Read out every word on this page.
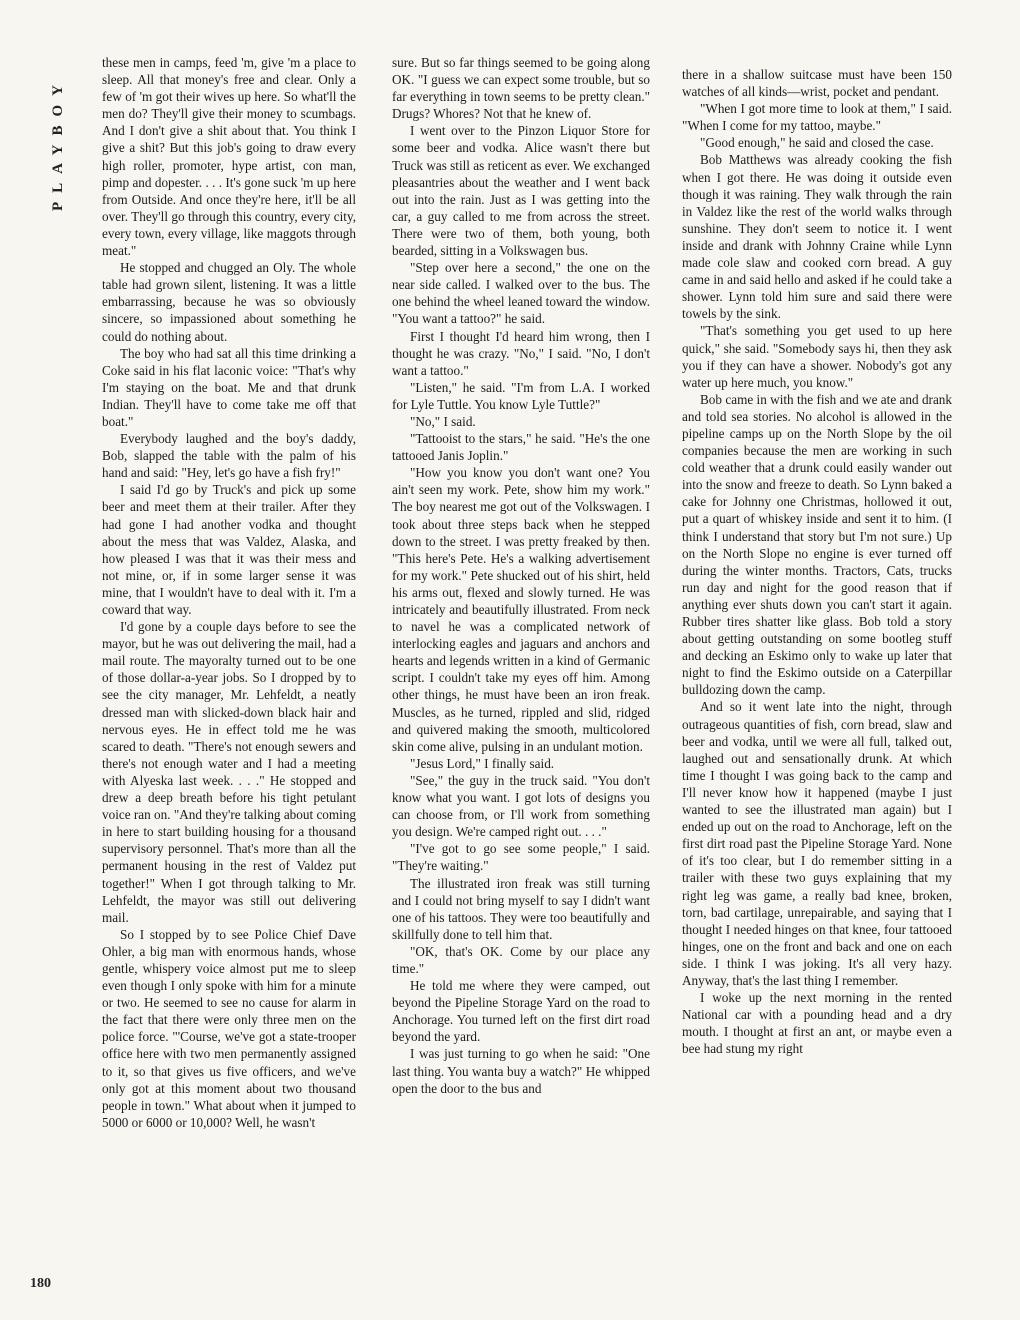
PLAYBOY
180

these men in camps, feed 'm, give 'm a place to sleep. All that money's free and clear. Only a few of 'm got their wives up here. So what'll the men do? They'll give their money to scumbags. And I don't give a shit about that. You think I give a shit? But this job's going to draw every high roller, promoter, hype artist, con man, pimp and dopester. . . . It's gone suck 'm up here from Outside. And once they're here, it'll be all over. They'll go through this country, every city, every town, every village, like maggots through meat."

He stopped and chugged an Oly. The whole table had grown silent, listening. It was a little embarrassing, because he was so obviously sincere, so impassioned about something he could do nothing about.

The boy who had sat all this time drinking a Coke said in his flat laconic voice: "That's why I'm staying on the boat. Me and that drunk Indian. They'll have to come take me off that boat."

Everybody laughed and the boy's daddy, Bob, slapped the table with the palm of his hand and said: "Hey, let's go have a fish fry!"

I said I'd go by Truck's and pick up some beer and meet them at their trailer. After they had gone I had another vodka and thought about the mess that was Valdez, Alaska, and how pleased I was that it was their mess and not mine, or, if in some larger sense it was mine, that I wouldn't have to deal with it. I'm a coward that way.

I'd gone by a couple days before to see the mayor, but he was out delivering the mail, had a mail route. The mayoralty turned out to be one of those dollar-a-year jobs. So I dropped by to see the city manager, Mr. Lehfeldt, a neatly dressed man with slicked-down black hair and nervous eyes. He in effect told me he was scared to death. "There's not enough sewers and there's not enough water and I had a meeting with Alyeska last week. . . ." He stopped and drew a deep breath before his tight petulant voice ran on. "And they're talking about coming in here to start building housing for a thousand supervisory personnel. That's more than all the permanent housing in the rest of Valdez put together!" When I got through talking to Mr. Lehfeldt, the mayor was still out delivering mail.

So I stopped by to see Police Chief Dave Ohler, a big man with enormous hands, whose gentle, whispery voice almost put me to sleep even though I only spoke with him for a minute or two. He seemed to see no cause for alarm in the fact that there were only three men on the police force. "'Course, we've got a state-trooper office here with two men permanently assigned to it, so that gives us five officers, and we've only got at this moment about two thousand people in town." What about when it jumped to 5000 or 6000 or 10,000? Well, he wasn't

sure. But so far things seemed to be going along OK. "I guess we can expect some trouble, but so far everything in town seems to be pretty clean." Drugs? Whores? Not that he knew of.

I went over to the Pinzon Liquor Store for some beer and vodka. Alice wasn't there but Truck was still as reticent as ever. We exchanged pleasantries about the weather and I went back out into the rain. Just as I was getting into the car, a guy called to me from across the street. There were two of them, both young, both bearded, sitting in a Volkswagen bus.

"Step over here a second," the one on the near side called. I walked over to the bus. The one behind the wheel leaned toward the window. "You want a tattoo?" he said.

First I thought I'd heard him wrong, then I thought he was crazy. "No," I said. "No, I don't want a tattoo."

"Listen," he said. "I'm from L.A. I worked for Lyle Tuttle. You know Lyle Tuttle?"

"No," I said.

"Tattooist to the stars," he said. "He's the one tattooed Janis Joplin."

"How you know you don't want one? You ain't seen my work. Pete, show him my work." The boy nearest me got out of the Volkswagen. I took about three steps back when he stepped down to the street. I was pretty freaked by then. "This here's Pete. He's a walking advertisement for my work." Pete shucked out of his shirt, held his arms out, flexed and slowly turned. He was intricately and beautifully illustrated. From neck to navel he was a complicated network of interlocking eagles and jaguars and anchors and hearts and legends written in a kind of Germanic script. I couldn't take my eyes off him. Among other things, he must have been an iron freak. Muscles, as he turned, rippled and slid, ridged and quivered making the smooth, multicolored skin come alive, pulsing in an undulant motion.

"Jesus Lord," I finally said.

"See," the guy in the truck said. "You don't know what you want. I got lots of designs you can choose from, or I'll work from something you design. We're camped right out. . . ."

"I've got to go see some people," I said. "They're waiting."

The illustrated iron freak was still turning and I could not bring myself to say I didn't want one of his tattoos. They were too beautifully and skillfully done to tell him that.

"OK, that's OK. Come by our place any time."

He told me where they were camped, out beyond the Pipeline Storage Yard on the road to Anchorage. You turned left on the first dirt road beyond the yard.

I was just turning to go when he said: "One last thing. You wanta buy a watch?" He whipped open the door to the bus and

there in a shallow suitcase must have been 150 watches of all kinds—wrist, pocket and pendant.

"When I got more time to look at them," I said. "When I come for my tattoo, maybe."

"Good enough," he said and closed the case.

Bob Matthews was already cooking the fish when I got there. He was doing it outside even though it was raining. They walk through the rain in Valdez like the rest of the world walks through sunshine. They don't seem to notice it. I went inside and drank with Johnny Craine while Lynn made cole slaw and cooked corn bread. A guy came in and said hello and asked if he could take a shower. Lynn told him sure and said there were towels by the sink.

"That's something you get used to up here quick," she said. "Somebody says hi, then they ask you if they can have a shower. Nobody's got any water up here much, you know."

Bob came in with the fish and we ate and drank and told sea stories. No alcohol is allowed in the pipeline camps up on the North Slope by the oil companies because the men are working in such cold weather that a drunk could easily wander out into the snow and freeze to death. So Lynn baked a cake for Johnny one Christmas, hollowed it out, put a quart of whiskey inside and sent it to him. (I think I understand that story but I'm not sure.) Up on the North Slope no engine is ever turned off during the winter months. Tractors, Cats, trucks run day and night for the good reason that if anything ever shuts down you can't start it again. Rubber tires shatter like glass. Bob told a story about getting outstanding on some bootleg stuff and decking an Eskimo only to wake up later that night to find the Eskimo outside on a Caterpillar bulldozing down the camp.

And so it went late into the night, through outrageous quantities of fish, corn bread, slaw and beer and vodka, until we were all full, talked out, laughed out and sensationally drunk. At which time I thought I was going back to the camp and I'll never know how it happened (maybe I just wanted to see the illustrated man again) but I ended up out on the road to Anchorage, left on the first dirt road past the Pipeline Storage Yard. None of it's too clear, but I do remember sitting in a trailer with these two guys explaining that my right leg was game, a really bad knee, broken, torn, bad cartilage, unrepairable, and saying that I thought I needed hinges on that knee, four tattooed hinges, one on the front and back and one on each side. I think I was joking. It's all very hazy. Anyway, that's the last thing I remember.

I woke up the next morning in the rented National car with a pounding head and a dry mouth. I thought at first an ant, or maybe even a bee had stung my right
